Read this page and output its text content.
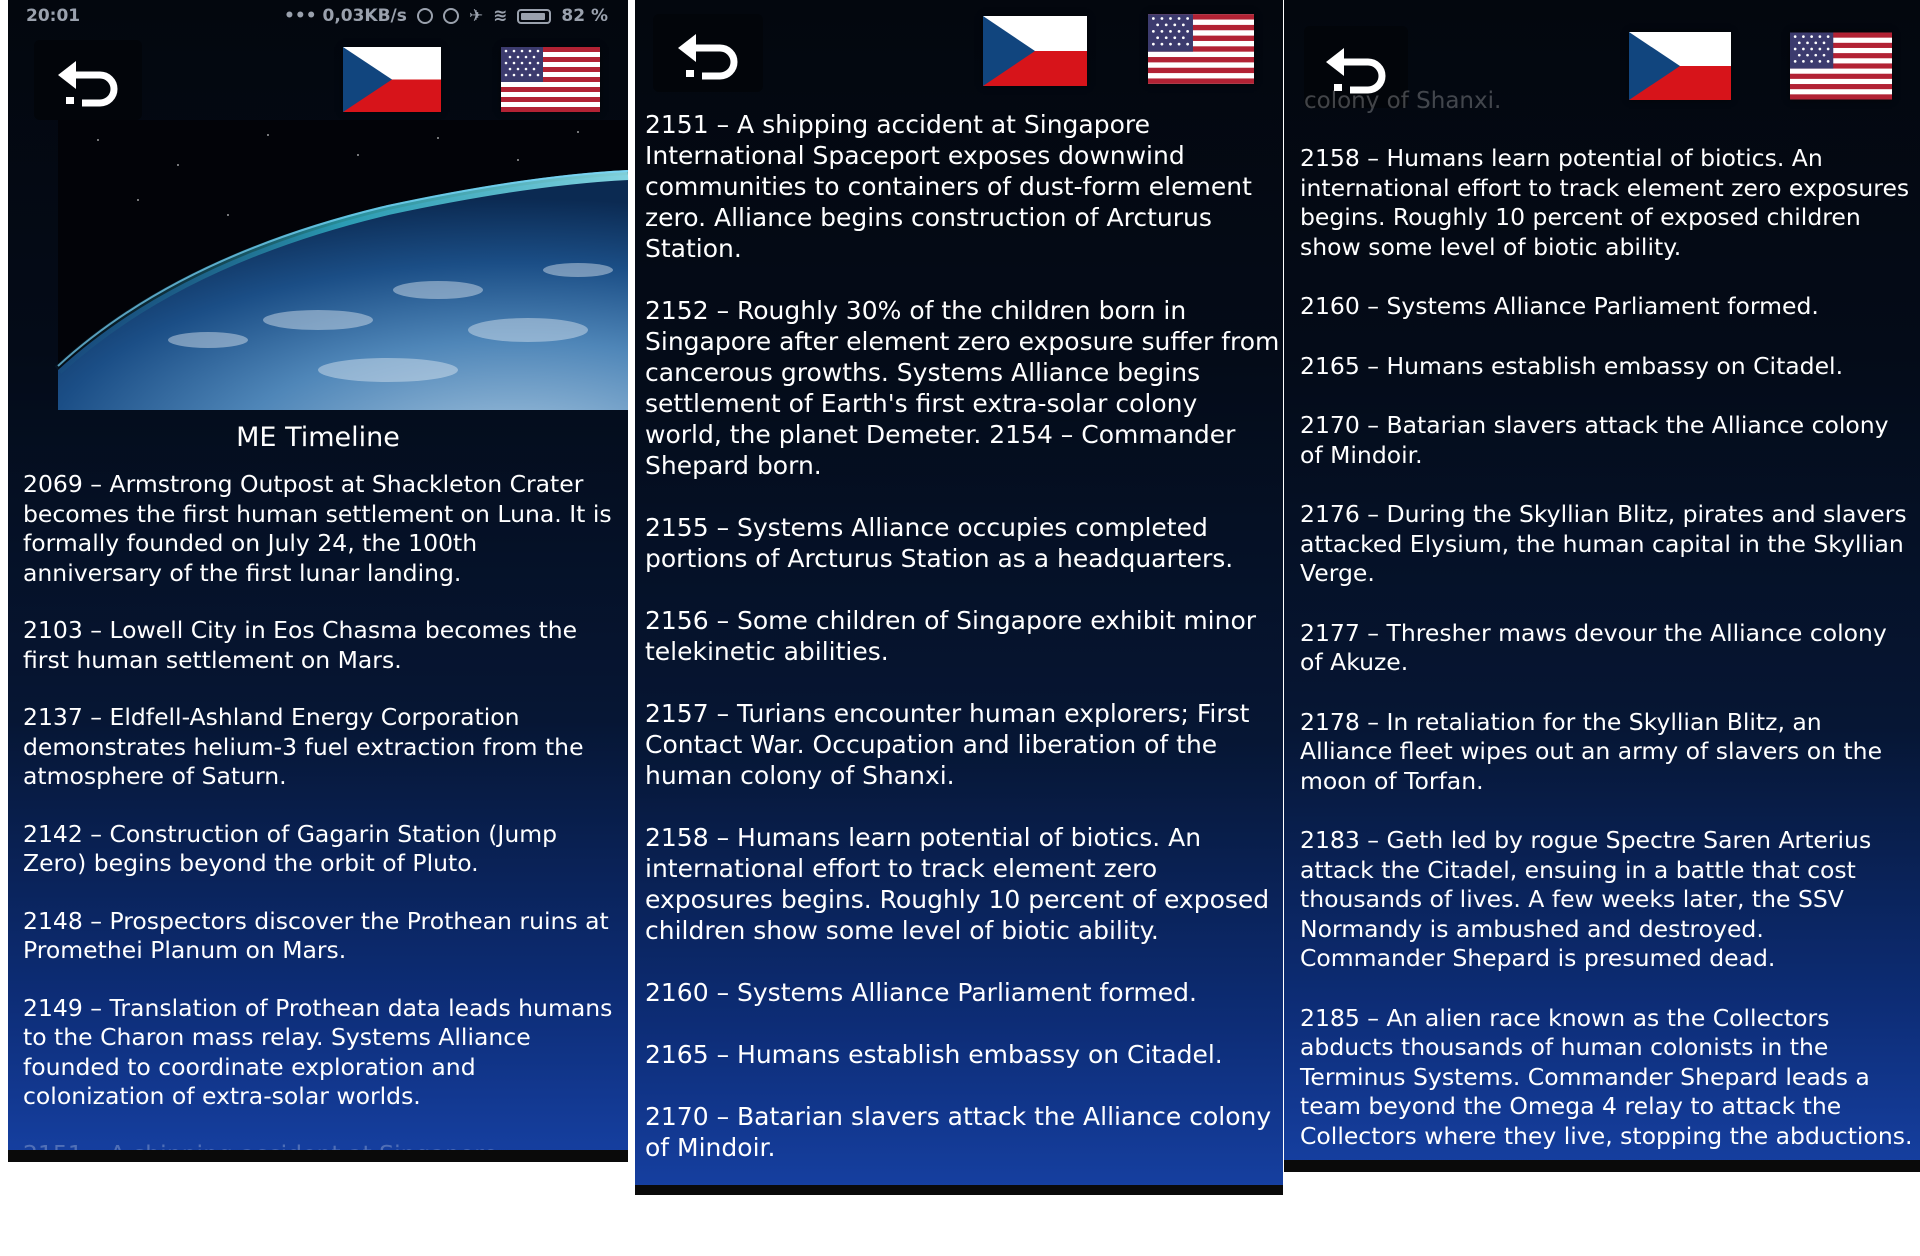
20:01	••• 0,03KB/s	✈ ≋	82 %
ME Timeline
2069 – Armstrong Outpost at Shackleton Crater becomes the first human settlement on Luna. It is formally founded on July 24, the 100th anniversary of the first lunar landing.
2103 – Lowell City in Eos Chasma becomes the first human settlement on Mars.
2137 – Eldfell-Ashland Energy Corporation demonstrates helium-3 fuel extraction from the atmosphere of Saturn.
2142 – Construction of Gagarin Station (Jump Zero) begins beyond the orbit of Pluto.
2148 – Prospectors discover the Prothean ruins at Promethei Planum on Mars.
2149 – Translation of Prothean data leads humans to the Charon mass relay. Systems Alliance founded to coordinate exploration and colonization of extra-solar worlds.
2151 – A shipping accident at Singapore International Spaceport exposes downwind communities to containers of dust-form element zero. Alliance begins construction of Arcturus Station.
2152 – Roughly 30% of the children born in Singapore after element zero exposure suffer from cancerous growths. Systems Alliance begins settlement of Earth's first extra-solar colony world, the planet Demeter. 2154 – Commander Shepard born.
2155 – Systems Alliance occupies completed portions of Arcturus Station as a headquarters.
2156 – Some children of Singapore exhibit minor telekinetic abilities.
2157 – Turians encounter human explorers; First Contact War. Occupation and liberation of the human colony of Shanxi.
2158 – Humans learn potential of biotics. An international effort to track element zero exposures begins. Roughly 10 percent of exposed children show some level of biotic ability.
2160 – Systems Alliance Parliament formed.
2165 – Humans establish embassy on Citadel.
2170 – Batarian slavers attack the Alliance colony of Mindoir.
2176 – During the Skyllian Blitz, pirates and slavers
colony of Shanxi.
2158 – Humans learn potential of biotics. An international effort to track element zero exposures begins. Roughly 10 percent of exposed children show some level of biotic ability.
2160 – Systems Alliance Parliament formed.
2165 – Humans establish embassy on Citadel.
2170 – Batarian slavers attack the Alliance colony of Mindoir.
2176 – During the Skyllian Blitz, pirates and slavers attacked Elysium, the human capital in the Skyllian Verge.
2177 – Thresher maws devour the Alliance colony of Akuze.
2178 – In retaliation for the Skyllian Blitz, an Alliance fleet wipes out an army of slavers on the moon of Torfan.
2183 – Geth led by rogue Spectre Saren Arterius attack the Citadel, ensuing in a battle that cost thousands of lives. A few weeks later, the SSV Normandy is ambushed and destroyed. Commander Shepard is presumed dead.
2185 – An alien race known as the Collectors abducts thousands of human colonists in the Terminus Systems. Commander Shepard leads a team beyond the Omega 4 relay to attack the Collectors where they live, stopping the abductions.
